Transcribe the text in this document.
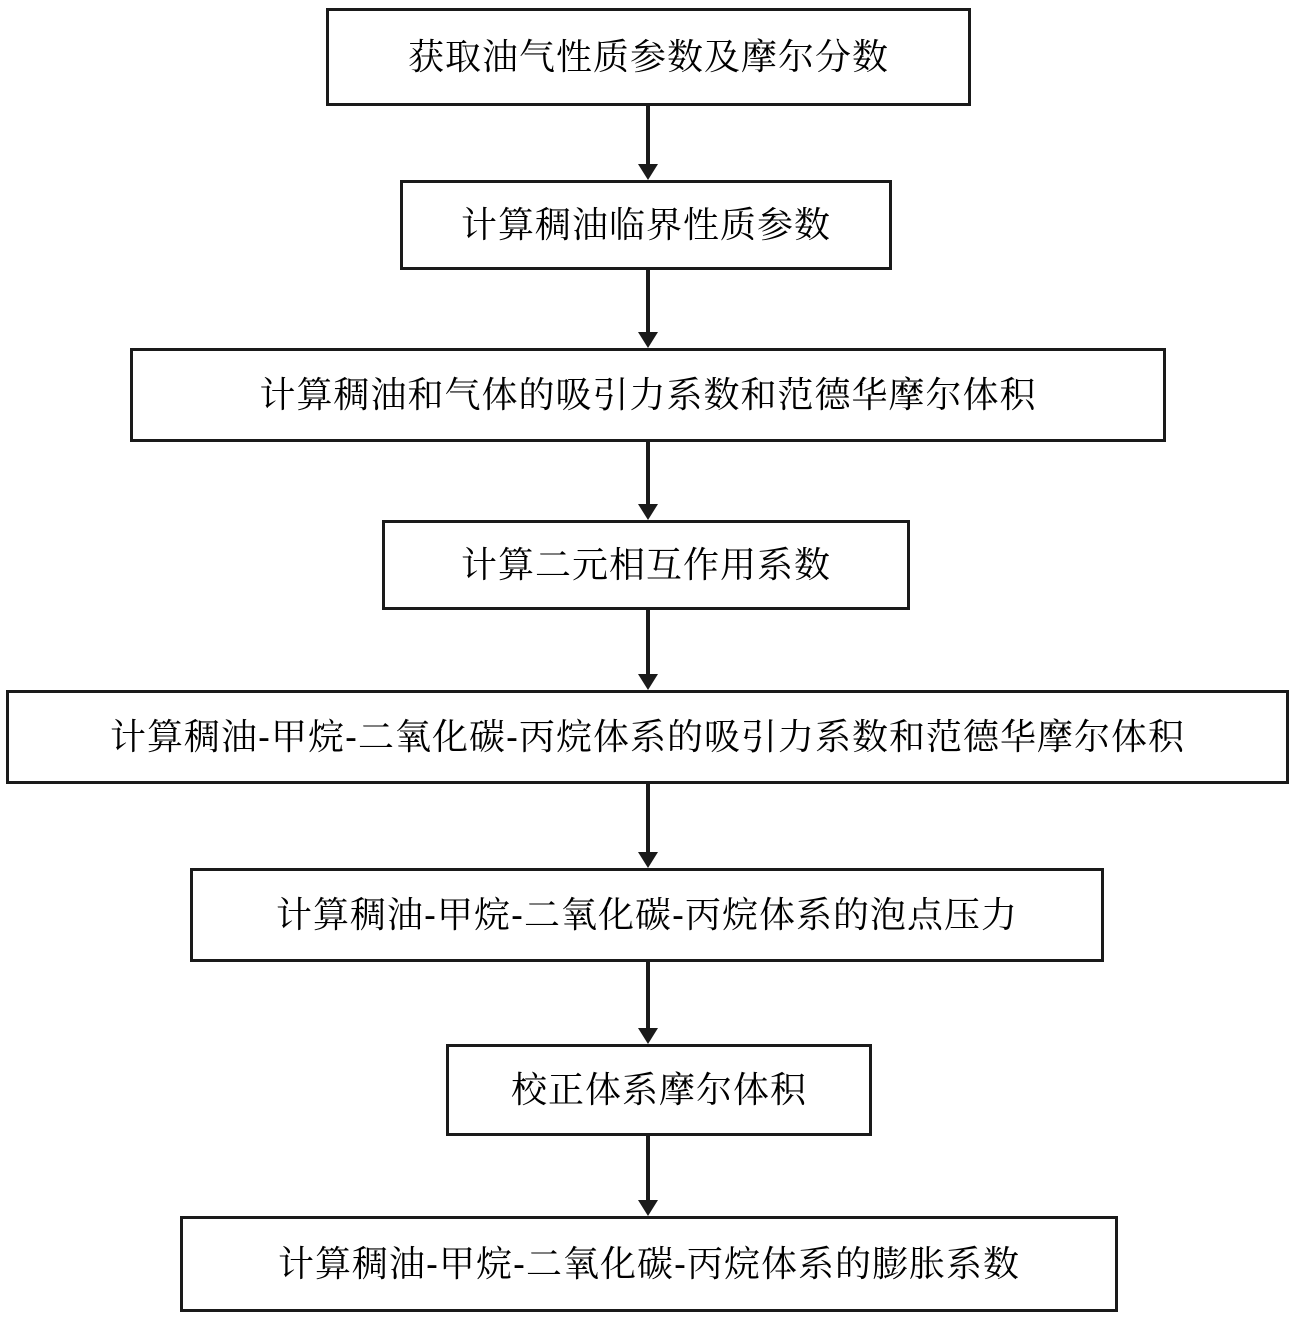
获取油气性质参数及摩尔分数
计算稠油临界性质参数
计算稠油和气体的吸引力系数和范德华摩尔体积
计算二元相互作用系数
计算稠油-甲烷-二氧化碳-丙烷体系的吸引力系数和范德华摩尔体积
计算稠油-甲烷-二氧化碳-丙烷体系的泡点压力
校正体系摩尔体积
计算稠油-甲烷-二氧化碳-丙烷体系的膨胀系数
